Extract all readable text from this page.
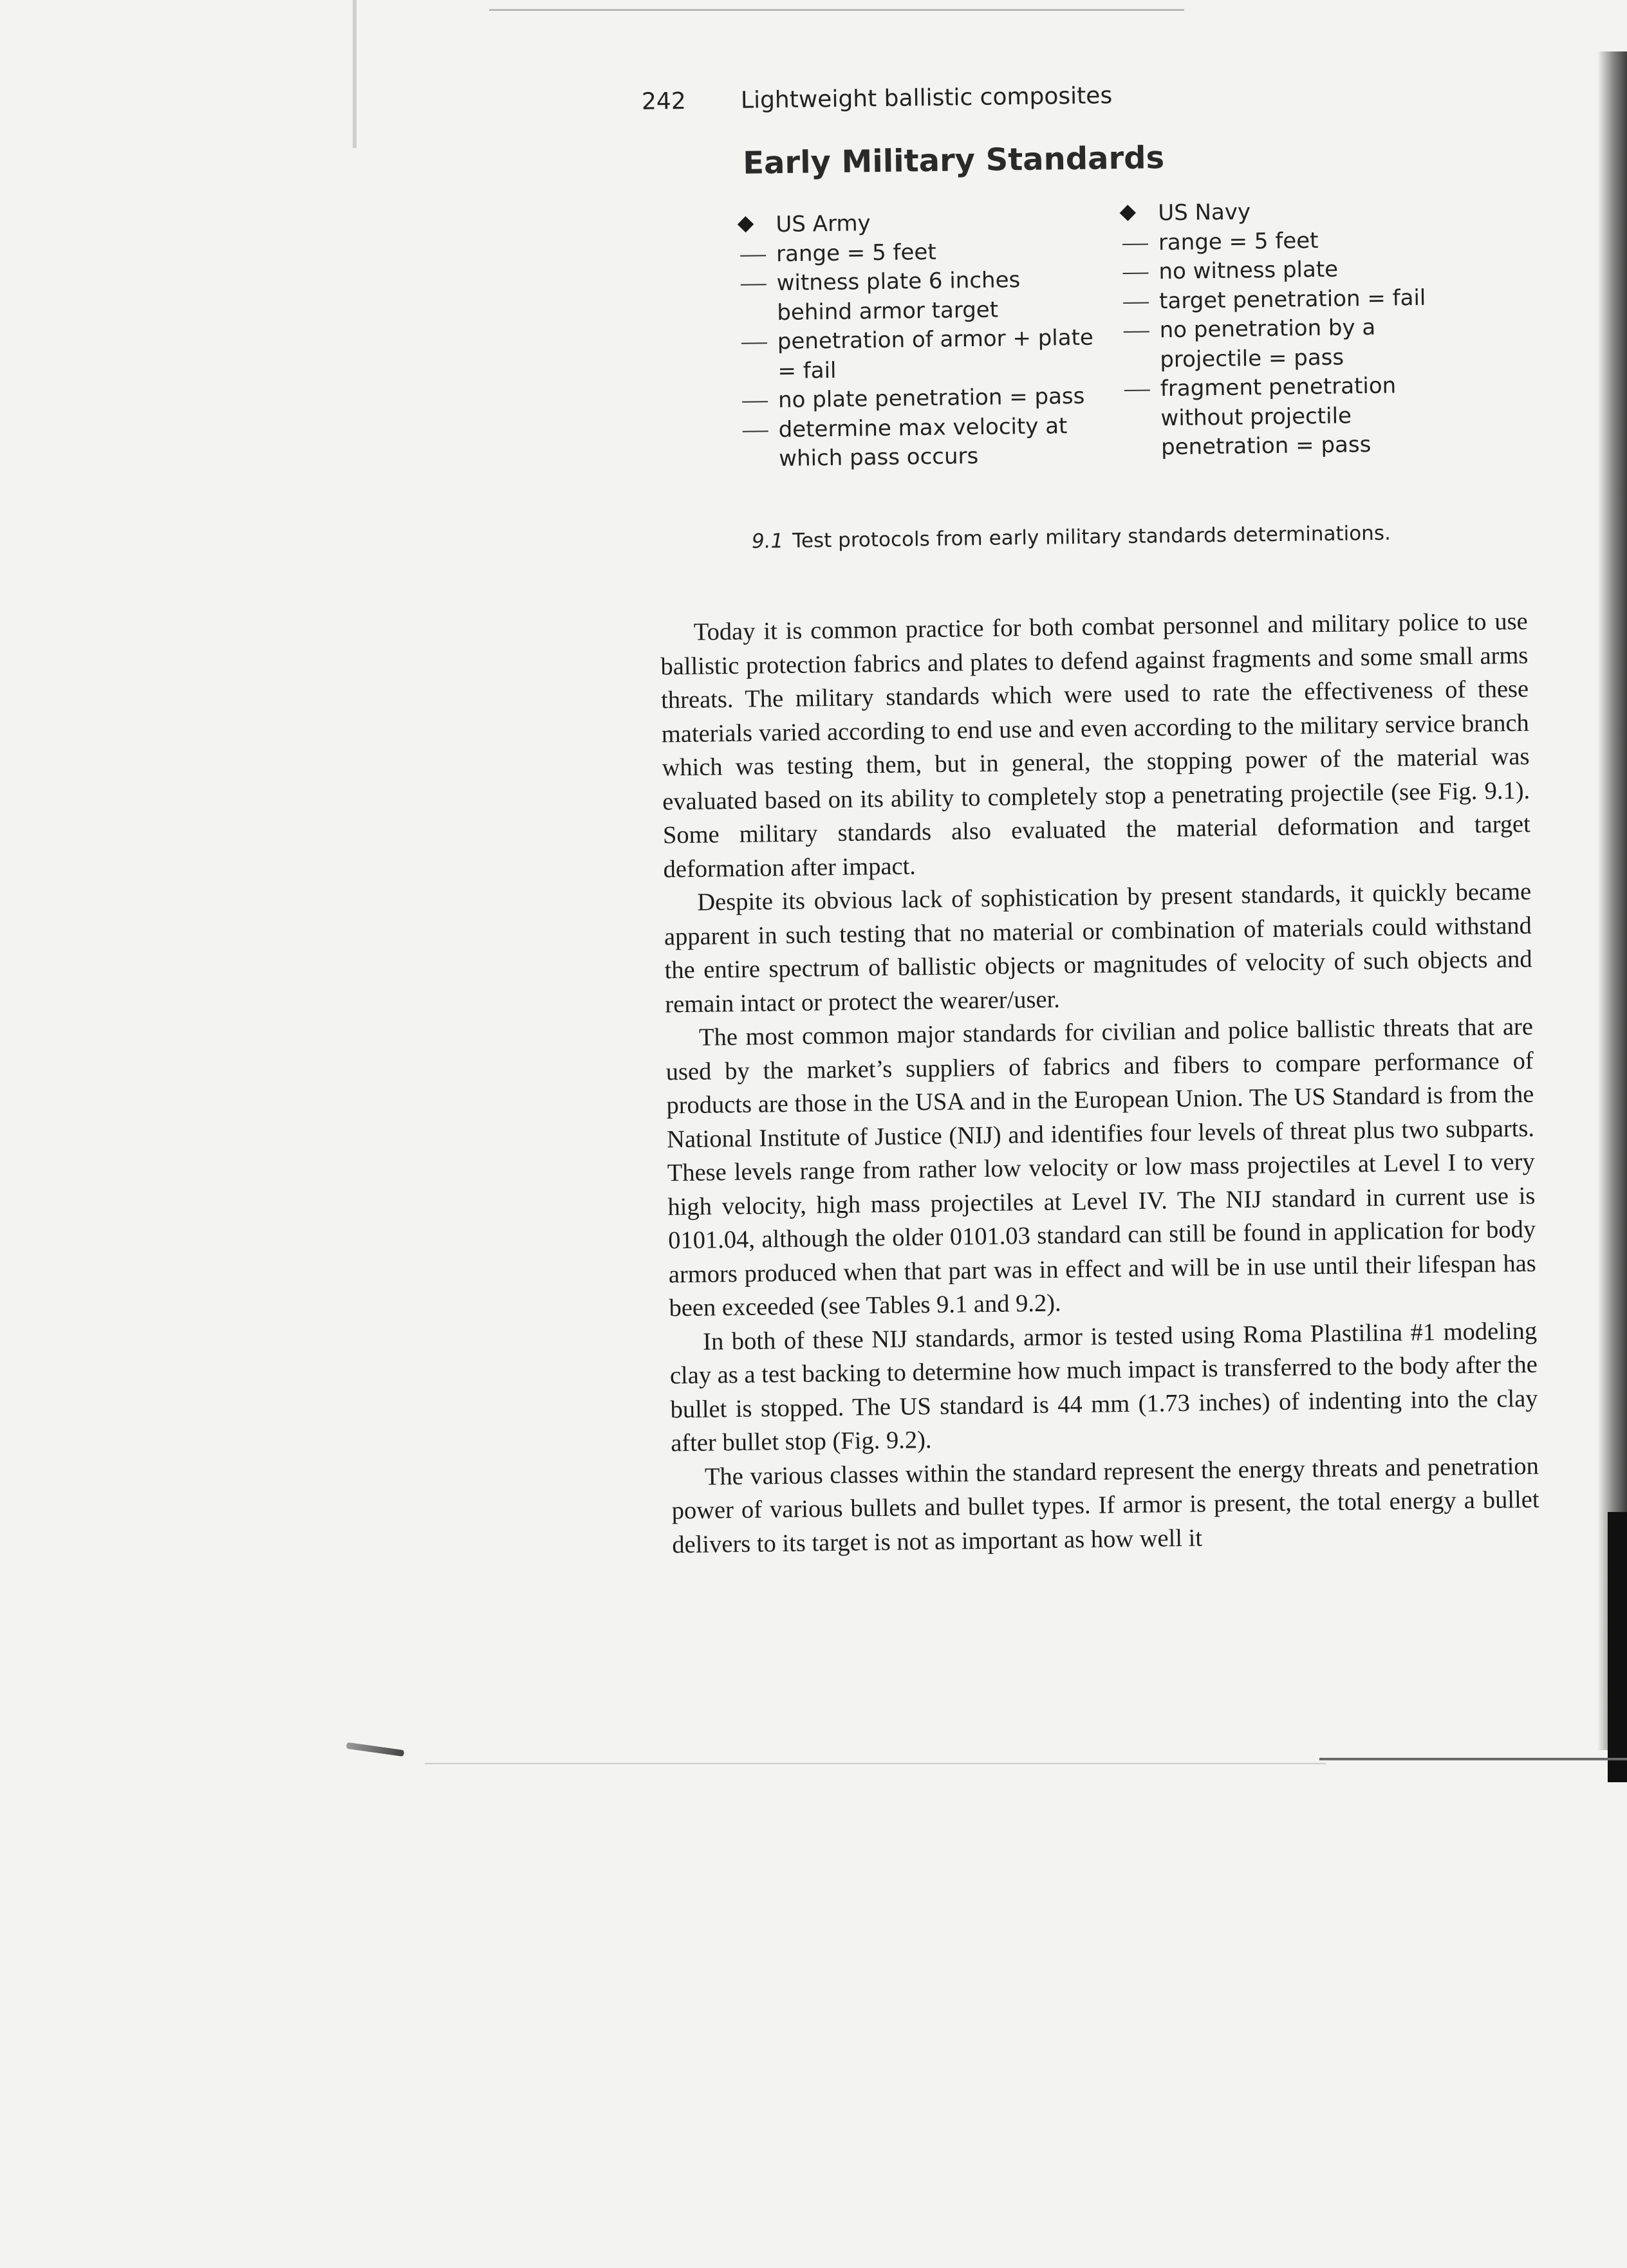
242 Lightweight ballistic composites
Early Military Standards
US Army
range = 5 feet
witness plate 6 inches behind armor target
penetration of armor + plate = fail
no plate penetration = pass
determine max velocity at which pass occurs
US Navy
range = 5 feet
no witness plate
target penetration = fail
no penetration by a projectile = pass
fragment penetration without projectile penetration = pass
9.1 Test protocols from early military standards determinations.

Today it is common practice for both combat personnel and military police to use ballistic protection fabrics and plates to defend against fragments and some small arms threats. The military standards which were used to rate the effectiveness of these materials varied according to end use and even according to the military service branch which was testing them, but in general, the stopping power of the material was evaluated based on its ability to completely stop a penetrating projectile (see Fig. 9.1). Some military standards also evaluated the material deformation and target deformation after impact.

Despite its obvious lack of sophistication by present standards, it quickly became apparent in such testing that no material or combination of materials could withstand the entire spectrum of ballistic objects or magnitudes of velocity of such objects and remain intact or protect the wearer/user.

The most common major standards for civilian and police ballistic threats that are used by the market’s suppliers of fabrics and fibers to compare performance of products are those in the USA and in the European Union. The US Standard is from the National Institute of Justice (NIJ) and identifies four levels of threat plus two subparts. These levels range from rather low velocity or low mass projectiles at Level I to very high velocity, high mass projectiles at Level IV. The NIJ standard in current use is 0101.04, although the older 0101.03 standard can still be found in application for body armors produced when that part was in effect and will be in use until their lifespan has been exceeded (see Tables 9.1 and 9.2).

In both of these NIJ standards, armor is tested using Roma Plastilina #1 modeling clay as a test backing to determine how much impact is transferred to the body after the bullet is stopped. The US standard is 44 mm (1.73 inches) of indenting into the clay after bullet stop (Fig. 9.2).

The various classes within the standard represent the energy threats and penetration power of various bullets and bullet types. If armor is present, the total energy a bullet delivers to its target is not as important as how well it
